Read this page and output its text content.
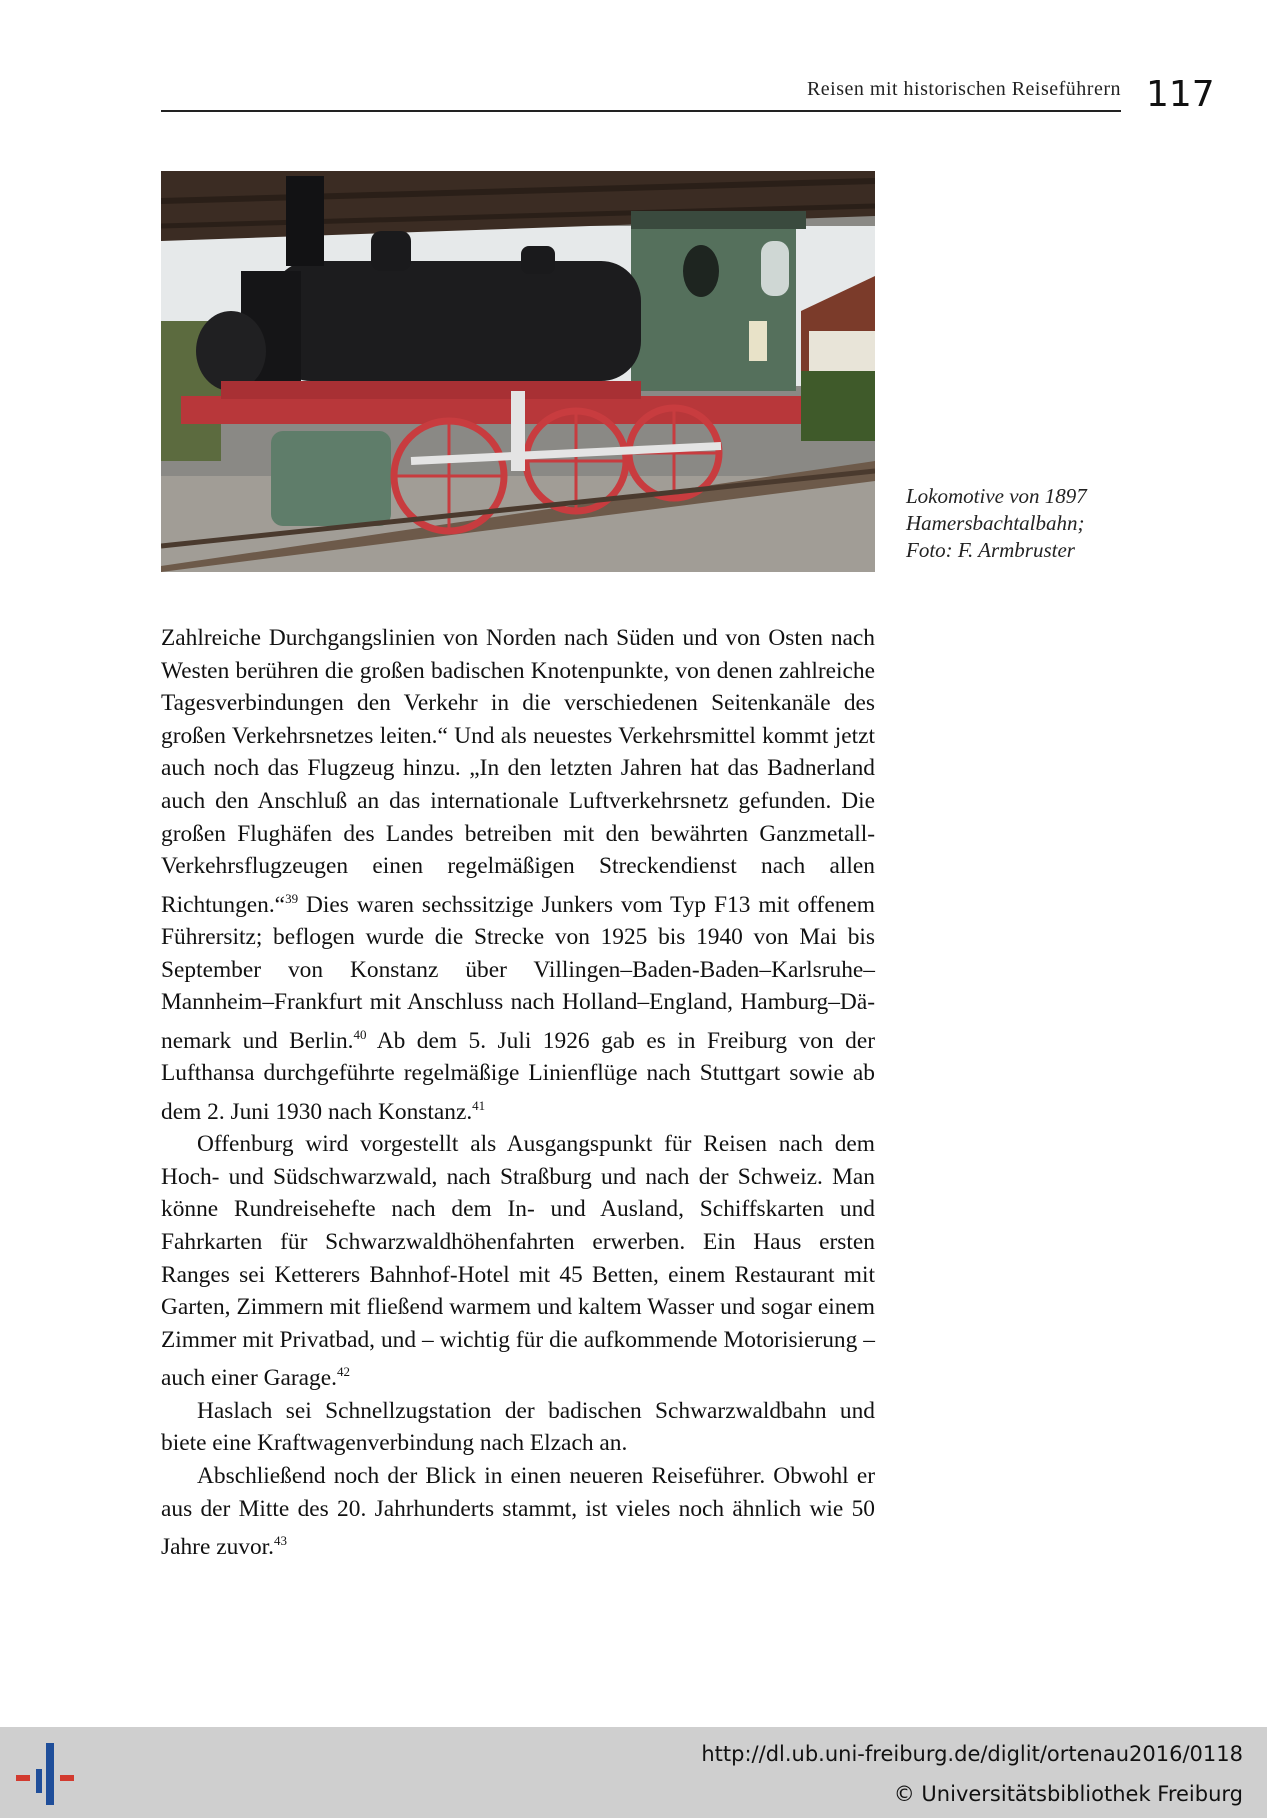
Reisen mit historischen Reiseführern 117
Lokomotive von 1897
Hamersbachtalbahn;
Foto: F. Armbruster

Zahlreiche Durchgangslinien von Norden nach Süden und von Osten nach Westen berühren die großen badischen Knotenpunkte, von denen zahlreiche Tagesverbindungen den Verkehr in die verschiedenen Seitenkanäle des großen Verkehrsnetzes leiten.“ Und als neuestes Verkehrsmittel kommt jetzt auch noch das Flugzeug hinzu. „In den letzten Jahren hat das Badnerland auch den Anschluß an das internationale Luftverkehrsnetz gefunden. Die großen Flughäfen des Landes betreiben mit den bewährten Ganzmetall-Verkehrsflugzeugen einen regelmäßigen Streckendienst nach allen Richtungen.“$^{39}$ Dies waren sechssitzige Junkers vom Typ F13 mit offenem Führersitz; beflogen wurde die Strecke von 1925 bis 1940 von Mai bis September von Konstanz über Villingen–Baden-Baden–Karlsruhe–Mannheim–Frankfurt mit Anschluss nach Holland–England, Hamburg–Dänemark und Berlin.$^{40}$ Ab dem 5. Juli 1926 gab es in Freiburg von der Lufthansa durchgeführte regelmäßige Linienflüge nach Stuttgart sowie ab dem 2. Juni 1930 nach Konstanz.$^{41}$

Offenburg wird vorgestellt als Ausgangspunkt für Reisen nach dem Hoch- und Südschwarzwald, nach Straßburg und nach der Schweiz. Man könne Rundreisehefte nach dem In- und Ausland, Schiffskarten und Fahrkarten für Schwarzwaldhöhenfahrten erwerben. Ein Haus ersten Ranges sei Ketterers Bahnhof-Hotel mit 45 Betten, einem Restaurant mit Garten, Zimmern mit fließend warmem und kaltem Wasser und sogar einem Zimmer mit Privatbad, und – wichtig für die aufkommende Motorisierung – auch einer Garage.$^{42}$

Haslach sei Schnellzugstation der badischen Schwarzwaldbahn und biete eine Kraftwagenverbindung nach Elzach an.

Abschließend noch der Blick in einen neueren Reiseführer. Obwohl er aus der Mitte des 20. Jahrhunderts stammt, ist vieles noch ähnlich wie 50 Jahre zuvor.$^{43}$

http://dl.ub.uni-freiburg.de/diglit/ortenau2016/0118
© Universitätsbibliothek Freiburg
